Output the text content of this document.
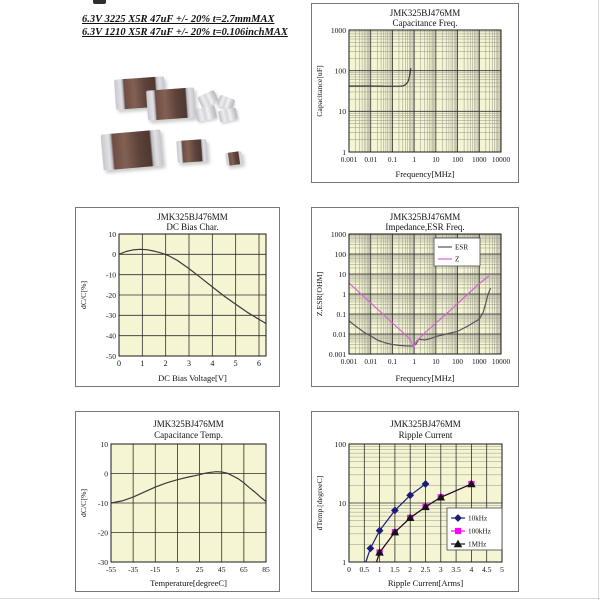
6.3V 3225 X5R 47uF +/- 20% t=2.7mmMAX
6.3V 1210 X5R 47uF +/- 20% t=0.106inchMAX
0.001 0.01 0.1 1 10 100 1000 10000
1
10
100
1000
JMK325BJ476MM
Capacitance Freq.
Frequency[MHz]
Capacitance[uF]
0 1 2 3 4 5 6
10
0
-10
-20
-30
-40
-50
JMK325BJ476MM
DC Bias Char.
DC Bias Voltage[V]
dC/C[%]
0.001 0.01 0.1 1 10 100 1000 10000
1000
100
10
1
0.1
0.01
0.001
JMK325BJ476MM
Impedance,ESR Freq.
Frequency[MHz]
Z,ESR[OHM]
ESR
Z
-55 -35 -15 5 25 45 65 85
10
0
-10
-20
-30
JMK325BJ476MM
Capacitance Temp.
Temperature[degreeC]
dC/C[%]
0 0.5 1 1.5 2 2.5 3 3.5 4 4.5 5
1
10
100
JMK325BJ476MM
Ripple Current
Ripple Current[Arms]
dTemp.[degreeC]	10kHz
100kHz
1MHz
